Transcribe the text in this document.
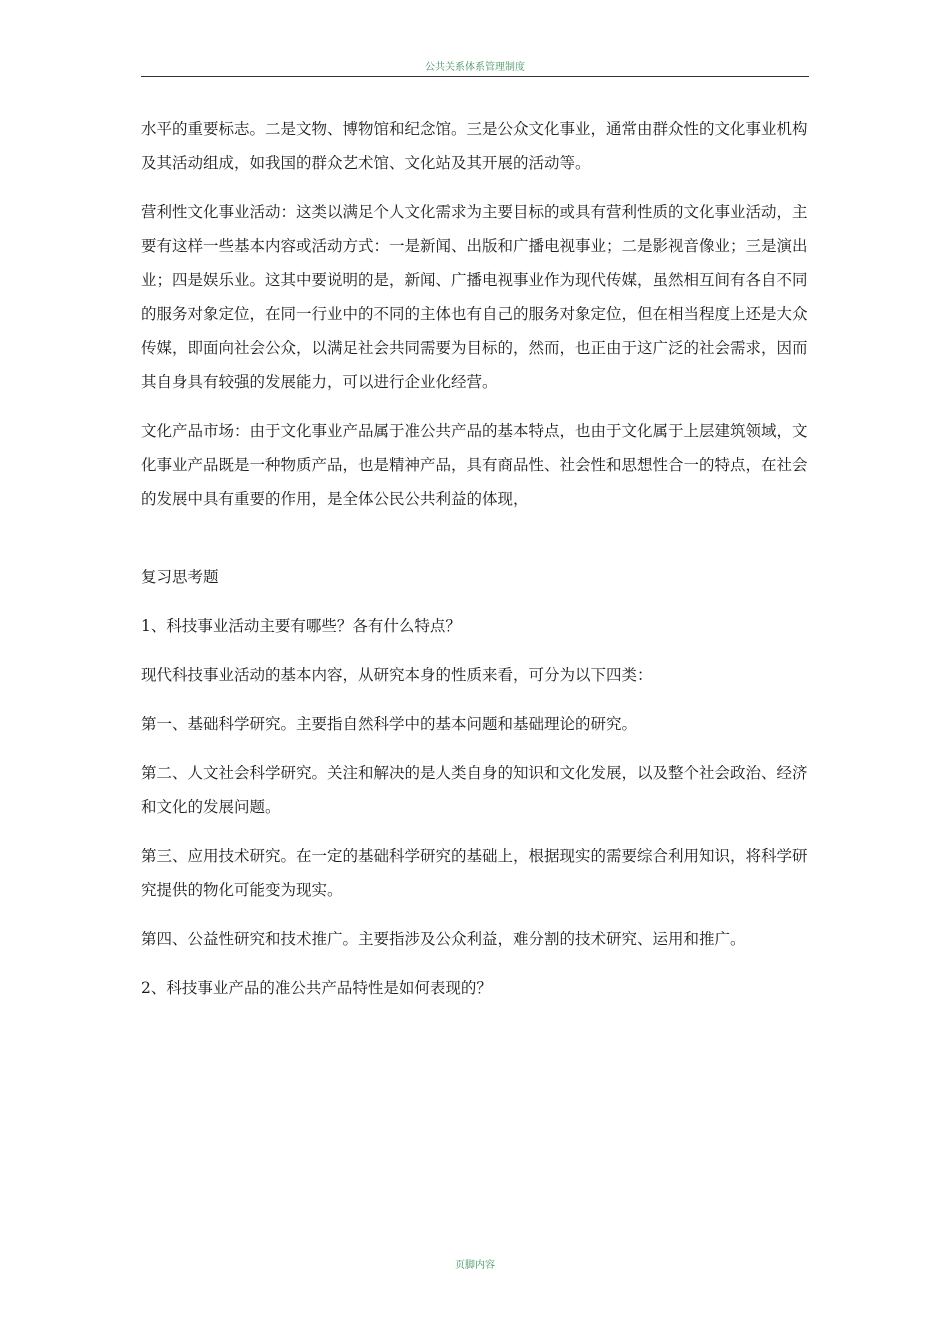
公共关系体系管理制度

水平的重要标志。二是文物、博物馆和纪念馆。三是公众文化事业，通常由群众性的文化事业机构及其活动组成，如我国的群众艺术馆、文化站及其开展的活动等。

营利性文化事业活动：这类以满足个人文化需求为主要目标的或具有营利性质的文化事业活动，主要有这样一些基本内容或活动方式：一是新闻、出版和广播电视事业；二是影视音像业；三是演出业；四是娱乐业。这其中要说明的是，新闻、广播电视事业作为现代传媒，虽然相互间有各自不同的服务对象定位，在同一行业中的不同的主体也有自己的服务对象定位，但在相当程度上还是大众传媒，即面向社会公众，以满足社会共同需要为目标的，然而，也正由于这广泛的社会需求，因而其自身具有较强的发展能力，可以进行企业化经营。

文化产品市场：由于文化事业产品属于准公共产品的基本特点，也由于文化属于上层建筑领域，文化事业产品既是一种物质产品，也是精神产品，具有商品性、社会性和思想性合一的特点，在社会的发展中具有重要的作用，是全体公民公共利益的体现，

复习思考题

1、科技事业活动主要有哪些？各有什么特点？

现代科技事业活动的基本内容，从研究本身的性质来看，可分为以下四类：

第一、基础科学研究。主要指自然科学中的基本问题和基础理论的研究。

第二、人文社会科学研究。关注和解决的是人类自身的知识和文化发展，以及整个社会政治、经济和文化的发展问题。

第三、应用技术研究。在一定的基础科学研究的基础上，根据现实的需要综合利用知识，将科学研究提供的物化可能变为现实。

第四、公益性研究和技术推广。主要指涉及公众利益，难分割的技术研究、运用和推广。

2、科技事业产品的准公共产品特性是如何表现的？

页脚内容
